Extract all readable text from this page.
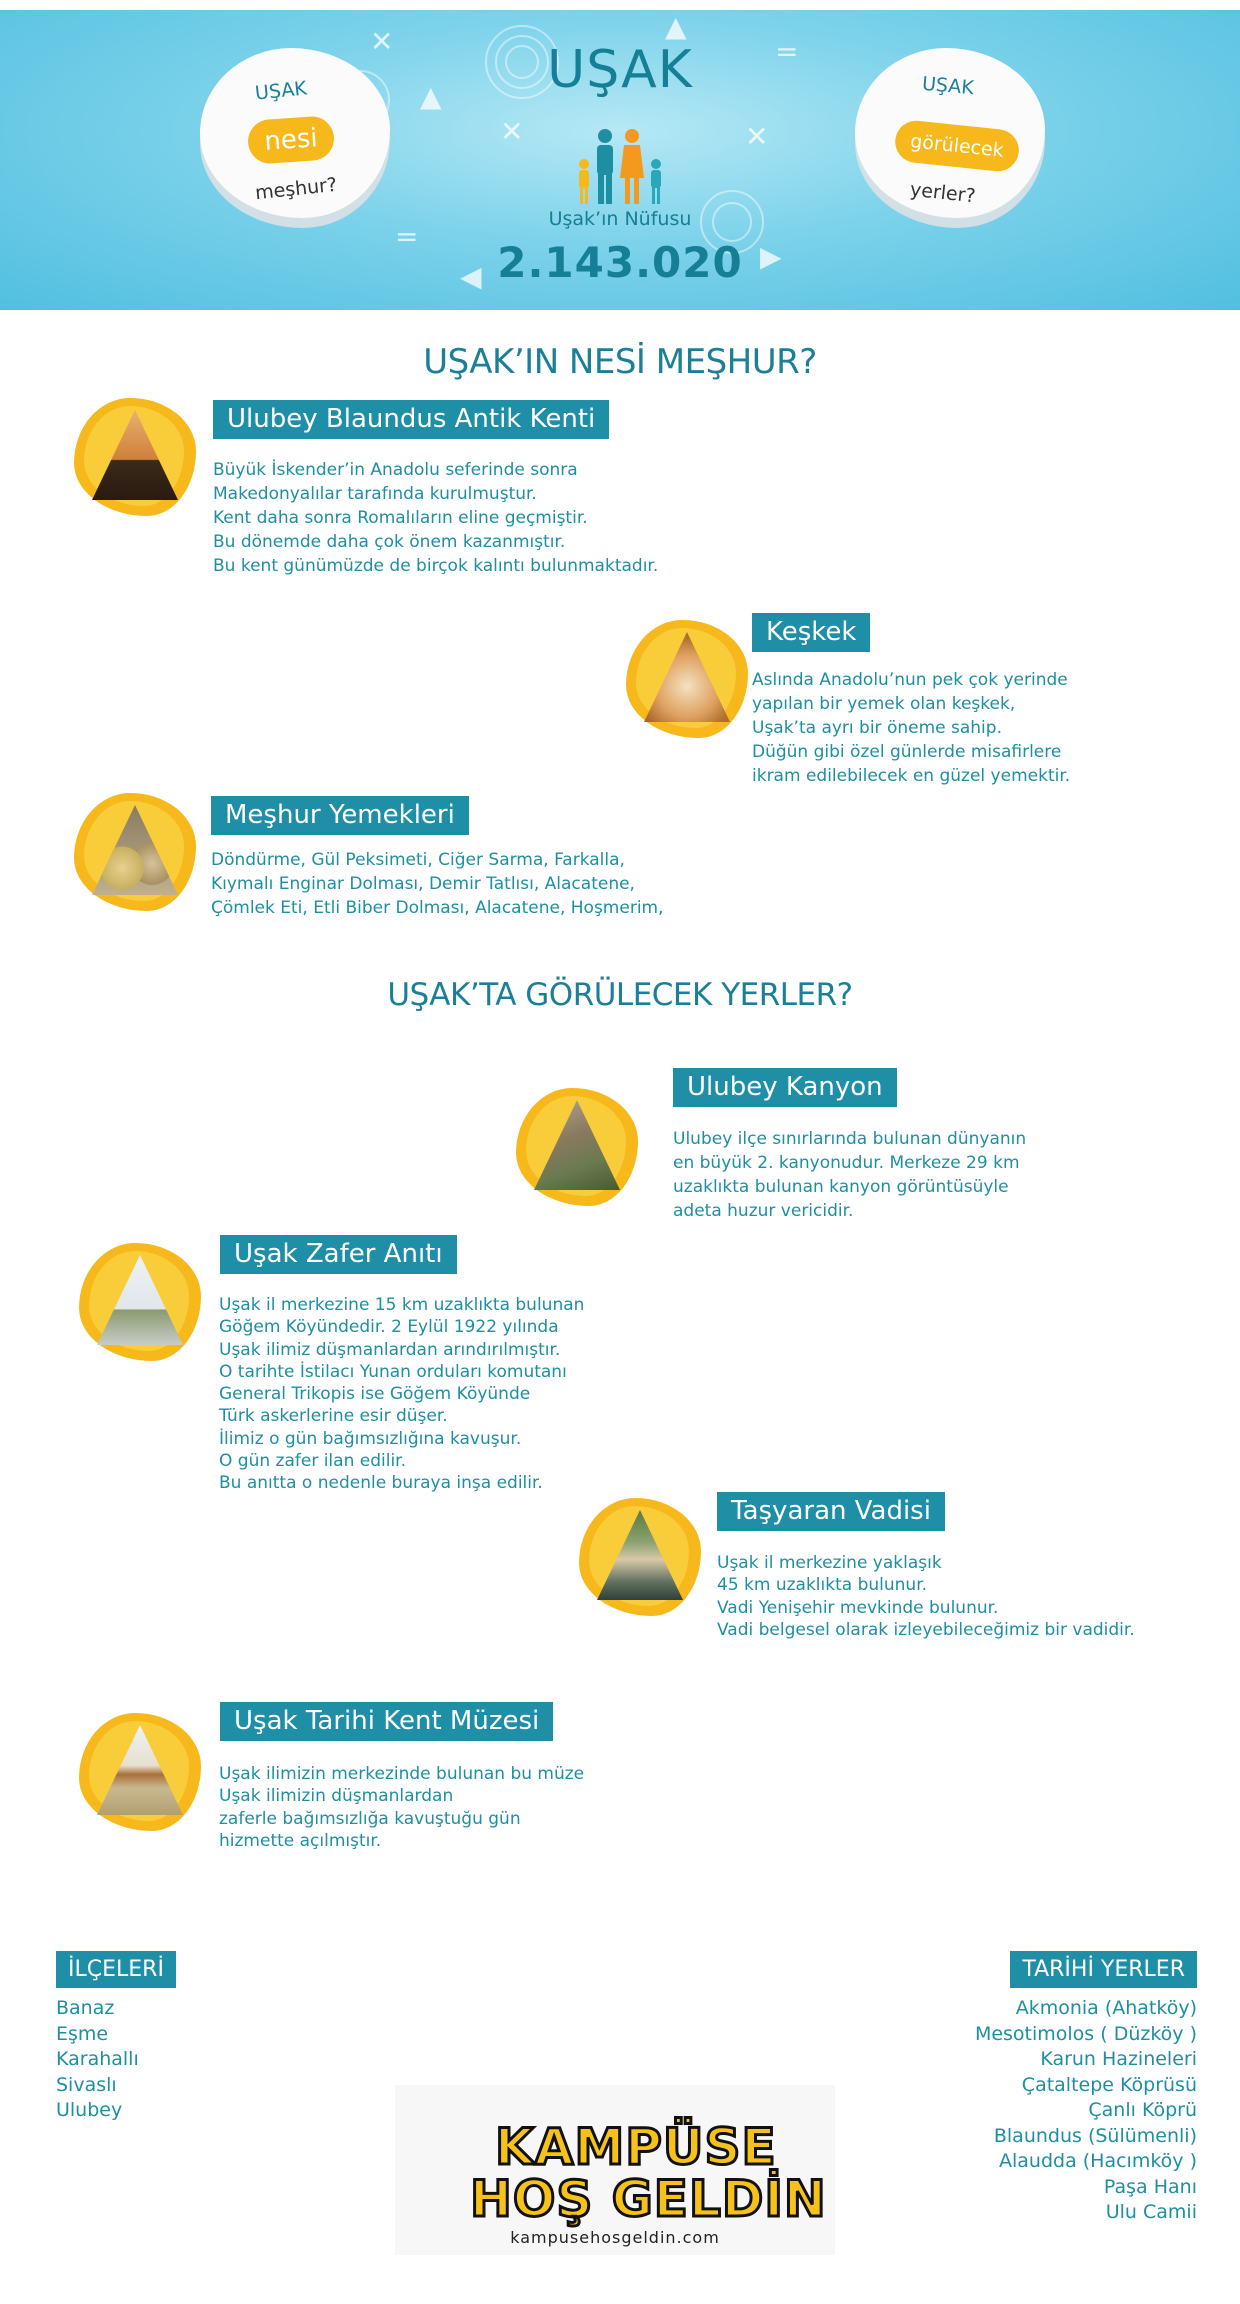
✕
✕	✕
▲
▲
◀
▶
=
=
UŞAK
nesi
meşhur?
UŞAK
görülecek
yerler?
UŞAK
Uşak’ın Nüfusu
2.143.020
UŞAK’IN NESİ MEŞHUR?
Ulubey Blaundus Antik Kenti
Büyük İskender’in Anadolu seferinde sonra
Makedonyalılar tarafında kurulmuştur.
Kent daha sonra Romalıların eline geçmiştir.
Bu dönemde daha çok önem kazanmıştır.
Bu kent günümüzde de birçok kalıntı bulunmaktadır.
Keşkek
Aslında Anadolu’nun pek çok yerinde
yapılan bir yemek olan keşkek,
Uşak’ta ayrı bir öneme sahip.
Düğün gibi özel günlerde misafirlere
ikram edilebilecek en güzel yemektir.
Meşhur Yemekleri
Döndürme, Gül Peksimeti, Ciğer Sarma, Farkalla,
Kıymalı Enginar Dolması, Demir Tatlısı, Alacatene,
Çömlek Eti, Etli Biber Dolması, Alacatene, Hoşmerim,
UŞAK’TA GÖRÜLECEK YERLER?
Ulubey Kanyon
Ulubey ilçe sınırlarında bulunan dünyanın
en büyük 2. kanyonudur. Merkeze 29 km
uzaklıkta bulunan kanyon görüntüsüyle
adeta huzur vericidir.
Uşak Zafer Anıtı
Uşak il merkezine 15 km uzaklıkta bulunan
Göğem Köyündedir. 2 Eylül 1922 yılında
Uşak ilimiz düşmanlardan arındırılmıştır.
O tarihte İstilacı Yunan orduları komutanı
General Trikopis ise Göğem Köyünde
Türk askerlerine esir düşer.
İlimiz o gün bağımsızlığına kavuşur.
O gün zafer ilan edilir.
Bu anıtta o nedenle buraya inşa edilir.
Taşyaran Vadisi
Uşak il merkezine yaklaşık
45 km uzaklıkta bulunur.
Vadi Yenişehir mevkinde bulunur.
Vadi belgesel olarak izleyebileceğimiz bir vadidir.
Uşak Tarihi Kent Müzesi
Uşak ilimizin merkezinde bulunan bu müze
Uşak ilimizin düşmanlardan
zaferle bağımsızlığa kavuştuğu gün
hizmette açılmıştır.
İLÇELERİ
Banaz
Eşme
Karahallı
Sivaslı
Ulubey
TARİHİ YERLER
Akmonia (Ahatköy)
Mesotimolos ( Düzköy )
Karun Hazineleri
Çataltepe Köprüsü
Çanlı Köprü
Blaundus (Sülümenli)
Alaudda (Hacımköy )
Paşa Hanı
Ulu Camii
KAMPÜSE
HOŞ GELDİN
kampusehosgeldin.com
